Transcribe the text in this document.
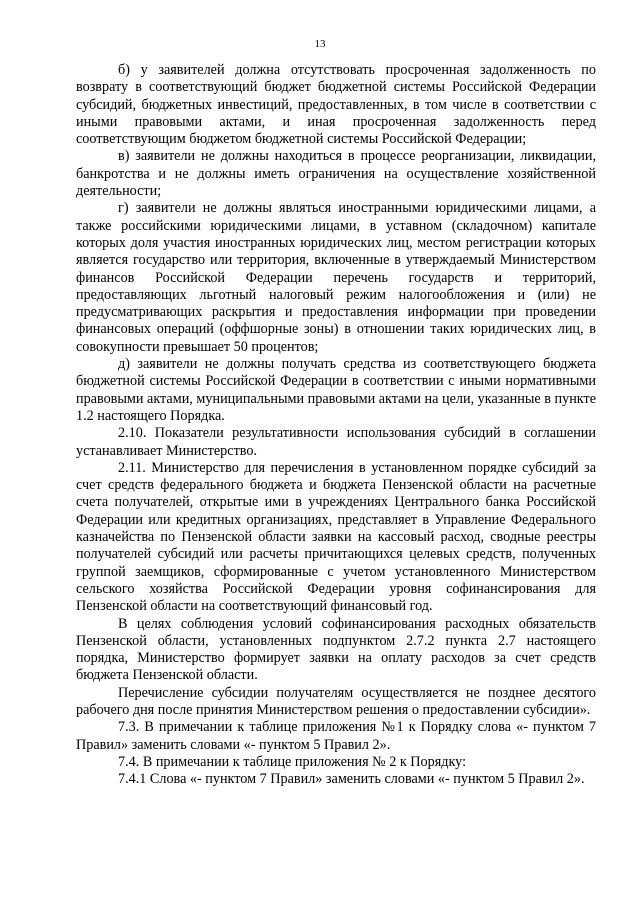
13

б) у заявителей должна отсутствовать просроченная задолженность по возврату в соответствующий бюджет бюджетной системы Российской Федерации субсидий, бюджетных инвестиций, предоставленных, в том числе в соответствии с иными правовыми актами, и иная просроченная задолженность перед соответствующим бюджетом бюджетной системы Российской Федерации;

в) заявители не должны находиться в процессе реорганизации, ликвидации, банкротства и не должны иметь ограничения на осуществление хозяйственной деятельности;

г) заявители не должны являться иностранными юридическими лицами, а также российскими юридическими лицами, в уставном (складочном) капитале которых доля участия иностранных юридических лиц, местом регистрации которых является государство или территория, включенные в утверждаемый Министерством финансов Российской Федерации перечень государств и территорий, предоставляющих льготный налоговый режим налогообложения и (или) не предусматривающих раскрытия и предоставления информации при проведении финансовых операций (оффшорные зоны) в отношении таких юридических лиц, в совокупности превышает 50 процентов;

д) заявители не должны получать средства из соответствующего бюджета бюджетной системы Российской Федерации в соответствии с иными нормативными правовыми актами, муниципальными правовыми актами на цели, указанные в пункте 1.2 настоящего Порядка.

2.10. Показатели результативности использования субсидий в соглашении устанавливает Министерство.

2.11. Министерство для перечисления в установленном порядке субсидий за счет средств федерального бюджета и бюджета Пензенской области на расчетные счета получателей, открытые ими в учреждениях Центрального банка Российской Федерации или кредитных организациях, представляет в Управление Федерального казначейства по Пензенской области заявки на кассовый расход, сводные реестры получателей субсидий или расчеты причитающихся целевых средств, полученных группой заемщиков, сформированные с учетом установленного Министерством сельского хозяйства Российской Федерации уровня софинансирования для Пензенской области на соответствующий финансовый год.

В целях соблюдения условий софинансирования расходных обязательств Пензенской области, установленных подпунктом 2.7.2 пункта 2.7 настоящего порядка, Министерство формирует заявки на оплату расходов за счет средств бюджета Пензенской области.

Перечисление субсидии получателям осуществляется не позднее десятого рабочего дня после принятия Министерством решения о предоставлении субсидии».

7.3. В примечании к таблице приложения №1 к Порядку слова «- пунктом 7 Правил» заменить словами «- пунктом 5 Правил 2».

7.4. В примечании к таблице приложения № 2 к Порядку:

7.4.1 Слова «- пунктом 7 Правил» заменить словами «- пунктом 5 Правил 2».
